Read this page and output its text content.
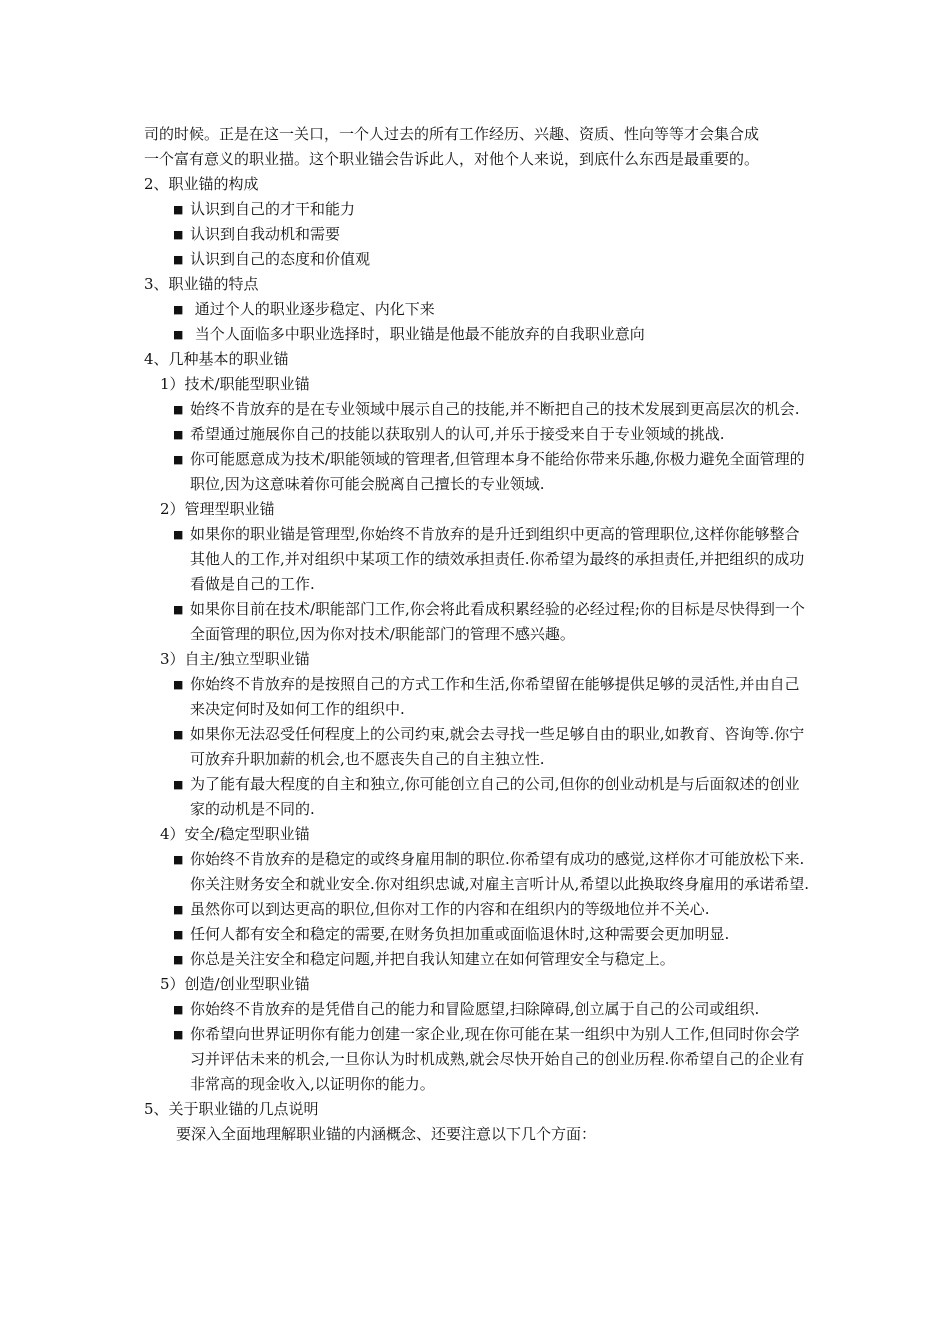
司的时候。正是在这一关口，一个人过去的所有工作经历、兴趣、资质、性向等等才会集合成

一个富有意义的职业描。这个职业锚会告诉此人，对他个人来说，到底什么东西是最重要的。

2、职业锚的构成

■ 认识到自己的才干和能力
■ 认识到自我动机和需要
■ 认识到自己的态度和价值观

3、职业锚的特点

■ 通过个人的职业逐步稳定、内化下来
■ 当个人面临多中职业选择时，职业锚是他最不能放弃的自我职业意向

4、几种基本的职业锚

1）技术/职能型职业锚

■ 始终不肯放弃的是在专业领域中展示自己的技能,并不断把自己的技术发展到更高层次的机会.
■ 希望通过施展你自己的技能以获取别人的认可,并乐于接受来自于专业领域的挑战.
■ 你可能愿意成为技术/职能领域的管理者,但管理本身不能给你带来乐趣,你极力避免全面管理的职位,因为这意味着你可能会脱离自己擅长的专业领域.

2）管理型职业锚

■ 如果你的职业锚是管理型,你始终不肯放弃的是升迁到组织中更高的管理职位,这样你能够整合其他人的工作,并对组织中某项工作的绩效承担责任.你希望为最终的承担责任,并把组织的成功看做是自己的工作.
■ 如果你目前在技术/职能部门工作,你会将此看成积累经验的必经过程;你的目标是尽快得到一个全面管理的职位,因为你对技术/职能部门的管理不感兴趣。

3）自主/独立型职业锚

■ 你始终不肯放弃的是按照自己的方式工作和生活,你希望留在能够提供足够的灵活性,并由自己来决定何时及如何工作的组织中.
■ 如果你无法忍受任何程度上的公司约束,就会去寻找一些足够自由的职业,如教育、咨询等.你宁可放弃升职加薪的机会,也不愿丧失自己的自主独立性.
■ 为了能有最大程度的自主和独立,你可能创立自己的公司,但你的创业动机是与后面叙述的创业家的动机是不同的.

4）安全/稳定型职业锚

■ 你始终不肯放弃的是稳定的或终身雇用制的职位.你希望有成功的感觉,这样你才可能放松下来.你关注财务安全和就业安全.你对组织忠诚,对雇主言听计从,希望以此换取终身雇用的承诺希望.
■ 虽然你可以到达更高的职位,但你对工作的内容和在组织内的等级地位并不关心.
■ 任何人都有安全和稳定的需要,在财务负担加重或面临退休时,这种需要会更加明显.
■ 你总是关注安全和稳定问题,并把自我认知建立在如何管理安全与稳定上。

5）创造/创业型职业锚

■ 你始终不肯放弃的是凭借自己的能力和冒险愿望,扫除障碍,创立属于自己的公司或组织.
■ 你希望向世界证明你有能力创建一家企业,现在你可能在某一组织中为别人工作,但同时你会学习并评估未来的机会,一旦你认为时机成熟,就会尽快开始自己的创业历程.你希望自己的企业有非常高的现金收入,以证明你的能力。

5、关于职业锚的几点说明

要深入全面地理解职业锚的内涵概念、还要注意以下几个方面：
